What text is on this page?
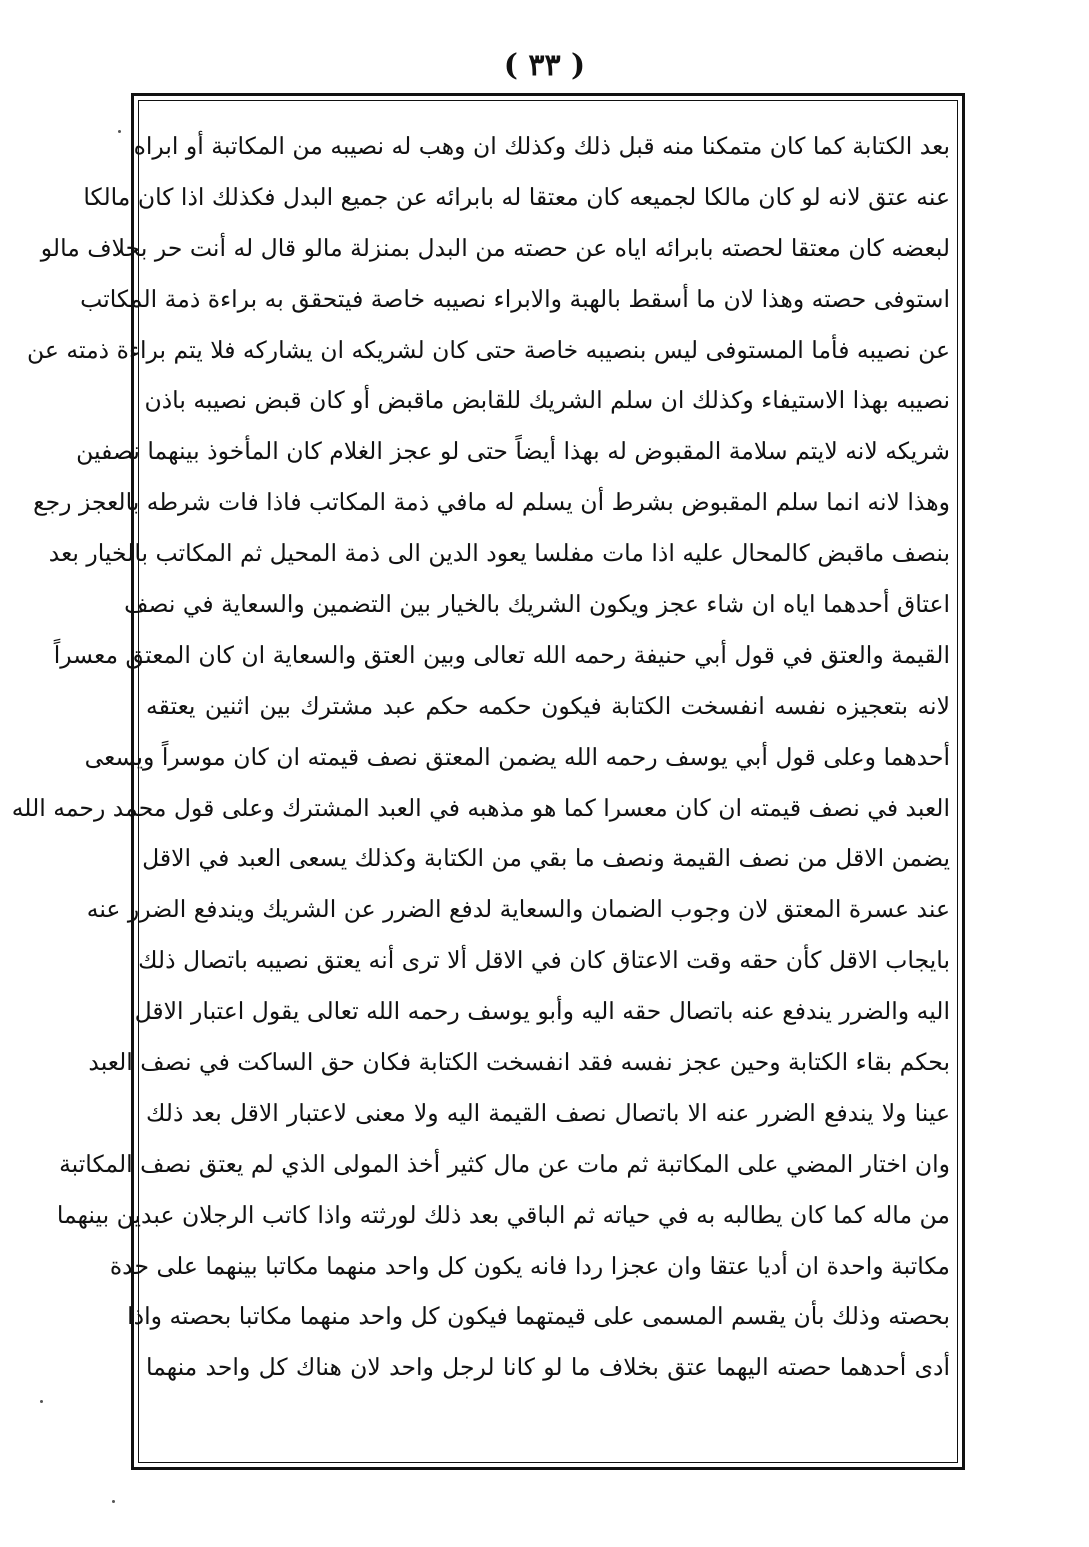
( ٣٣ )
بعد الكتابة كما كان متمكنا منه قبل ذلك وكذلك ان وهب له نصيبه من المكاتبة أو ابراه
عنه عتق لانه لو كان مالكا لجميعه كان معتقا له بابرائه عن جميع البدل فكذلك اذا كان مالكا
لبعضه كان معتقا لحصته بابرائه اياه عن حصته من البدل بمنزلة مالو قال له أنت حر بخلاف مالو
استوفى حصته وهذا لان ما أسقط بالهبة والابراء نصيبه خاصة فيتحقق به براءة ذمة المكاتب
عن نصيبه فأما المستوفى ليس بنصيبه خاصة حتى كان لشريكه ان يشاركه فلا يتم براءة ذمته عن
نصيبه بهذا الاستيفاء وكذلك ان سلم الشريك للقابض ماقبض أو كان قبض نصيبه باذن
شريكه لانه لايتم سلامة المقبوض له بهذا أيضاً حتى لو عجز الغلام كان المأخوذ بينهما نصفين
وهذا لانه انما سلم المقبوض بشرط أن يسلم له مافي ذمة المكاتب فاذا فات شرطه بالعجز رجع
بنصف ماقبض كالمحال عليه اذا مات مفلسا يعود الدين الى ذمة المحيل ثم المكاتب بالخيار بعد
اعتاق أحدهما اياه ان شاء عجز ويكون الشريك بالخيار بين التضمين والسعاية في نصف
القيمة والعتق في قول أبي حنيفة رحمه الله تعالى وبين العتق والسعاية ان كان المعتق معسراً
لانه بتعجيزه نفسه انفسخت الكتابة فيكون حكمه حكم عبد مشترك بين اثنين يعتقه
أحدهما وعلى قول أبي يوسف رحمه الله يضمن المعتق نصف قيمته ان كان موسراً ويسعى
العبد في نصف قيمته ان كان معسرا كما هو مذهبه في العبد المشترك وعلى قول محمد رحمه الله
يضمن الاقل من نصف القيمة ونصف ما بقي من الكتابة وكذلك يسعى العبد في الاقل
عند عسرة المعتق لان وجوب الضمان والسعاية لدفع الضرر عن الشريك ويندفع الضرر عنه
بايجاب الاقل كأن حقه وقت الاعتاق كان في الاقل ألا ترى أنه يعتق نصيبه باتصال ذلك
اليه والضرر يندفع عنه باتصال حقه اليه وأبو يوسف رحمه الله تعالى يقول اعتبار الاقل
بحكم بقاء الكتابة وحين عجز نفسه فقد انفسخت الكتابة فكان حق الساكت في نصف العبد
عينا ولا يندفع الضرر عنه الا باتصال نصف القيمة اليه ولا معنى لاعتبار الاقل بعد ذلك
وان اختار المضي على المكاتبة ثم مات عن مال كثير أخذ المولى الذي لم يعتق نصف المكاتبة
من ماله كما كان يطالبه به في حياته ثم الباقي بعد ذلك لورثته واذا كاتب الرجلان عبدين بينهما
مكاتبة واحدة ان أديا عتقا وان عجزا ردا فانه يكون كل واحد منهما مكاتبا بينهما على حدة
بحصته وذلك بأن يقسم المسمى على قيمتهما فيكون كل واحد منهما مكاتبا بحصته واذا
أدى أحدهما حصته اليهما عتق بخلاف ما لو كانا لرجل واحد لان هناك كل واحد منهما
